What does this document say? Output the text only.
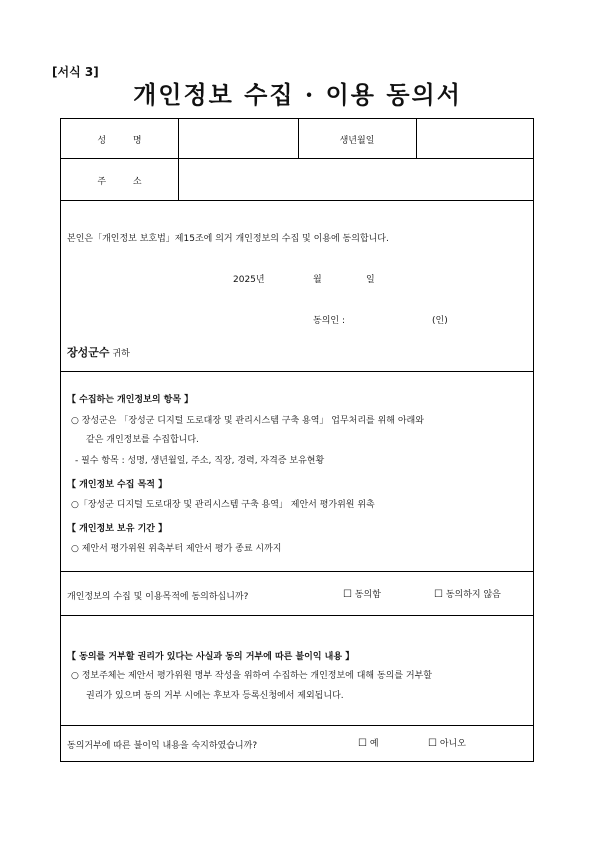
[서식 3]
개인정보 수집 · 이용 동의서
성 명	생년월일
주 소
본인은「개인정보 보호법」제15조에 의거 개인정보의 수집 및 이용에 동의합니다.
2025년	월	일
동의인 :	(인)
장성군수 귀하
【 수집하는 개인정보의 항목 】
○ 장성군은 「장성군 디지털 도로대장 및 관리시스템 구축 용역」 업무처리를 위해 아래와
같은 개인정보를 수집합니다.
- 필수 항목 : 성명, 생년월일, 주소, 직장, 경력, 자격증 보유현황
【 개인정보 수집 목적 】
○「장성군 디지털 도로대장 및 관리시스템 구축 용역」 제안서 평가위원 위촉
【 개인정보 보유 기간 】
○ 제안서 평가위원 위촉부터 제안서 평가 종료 시까지
개인정보의 수집 및 이용목적에 동의하십니까?	☐ 동의함	☐ 동의하지 않음
【 동의를 거부할 권리가 있다는 사실과 동의 거부에 따른 불이익 내용 】
○ 정보주체는 제안서 평가위원 명부 작성을 위하여 수집하는 개인정보에 대해 동의를 거부할
권리가 있으며 동의 거부 시에는 후보자 등록신청에서 제외됩니다.
동의거부에 따른 불이익 내용을 숙지하였습니까?	☐ 예	☐ 아니오
